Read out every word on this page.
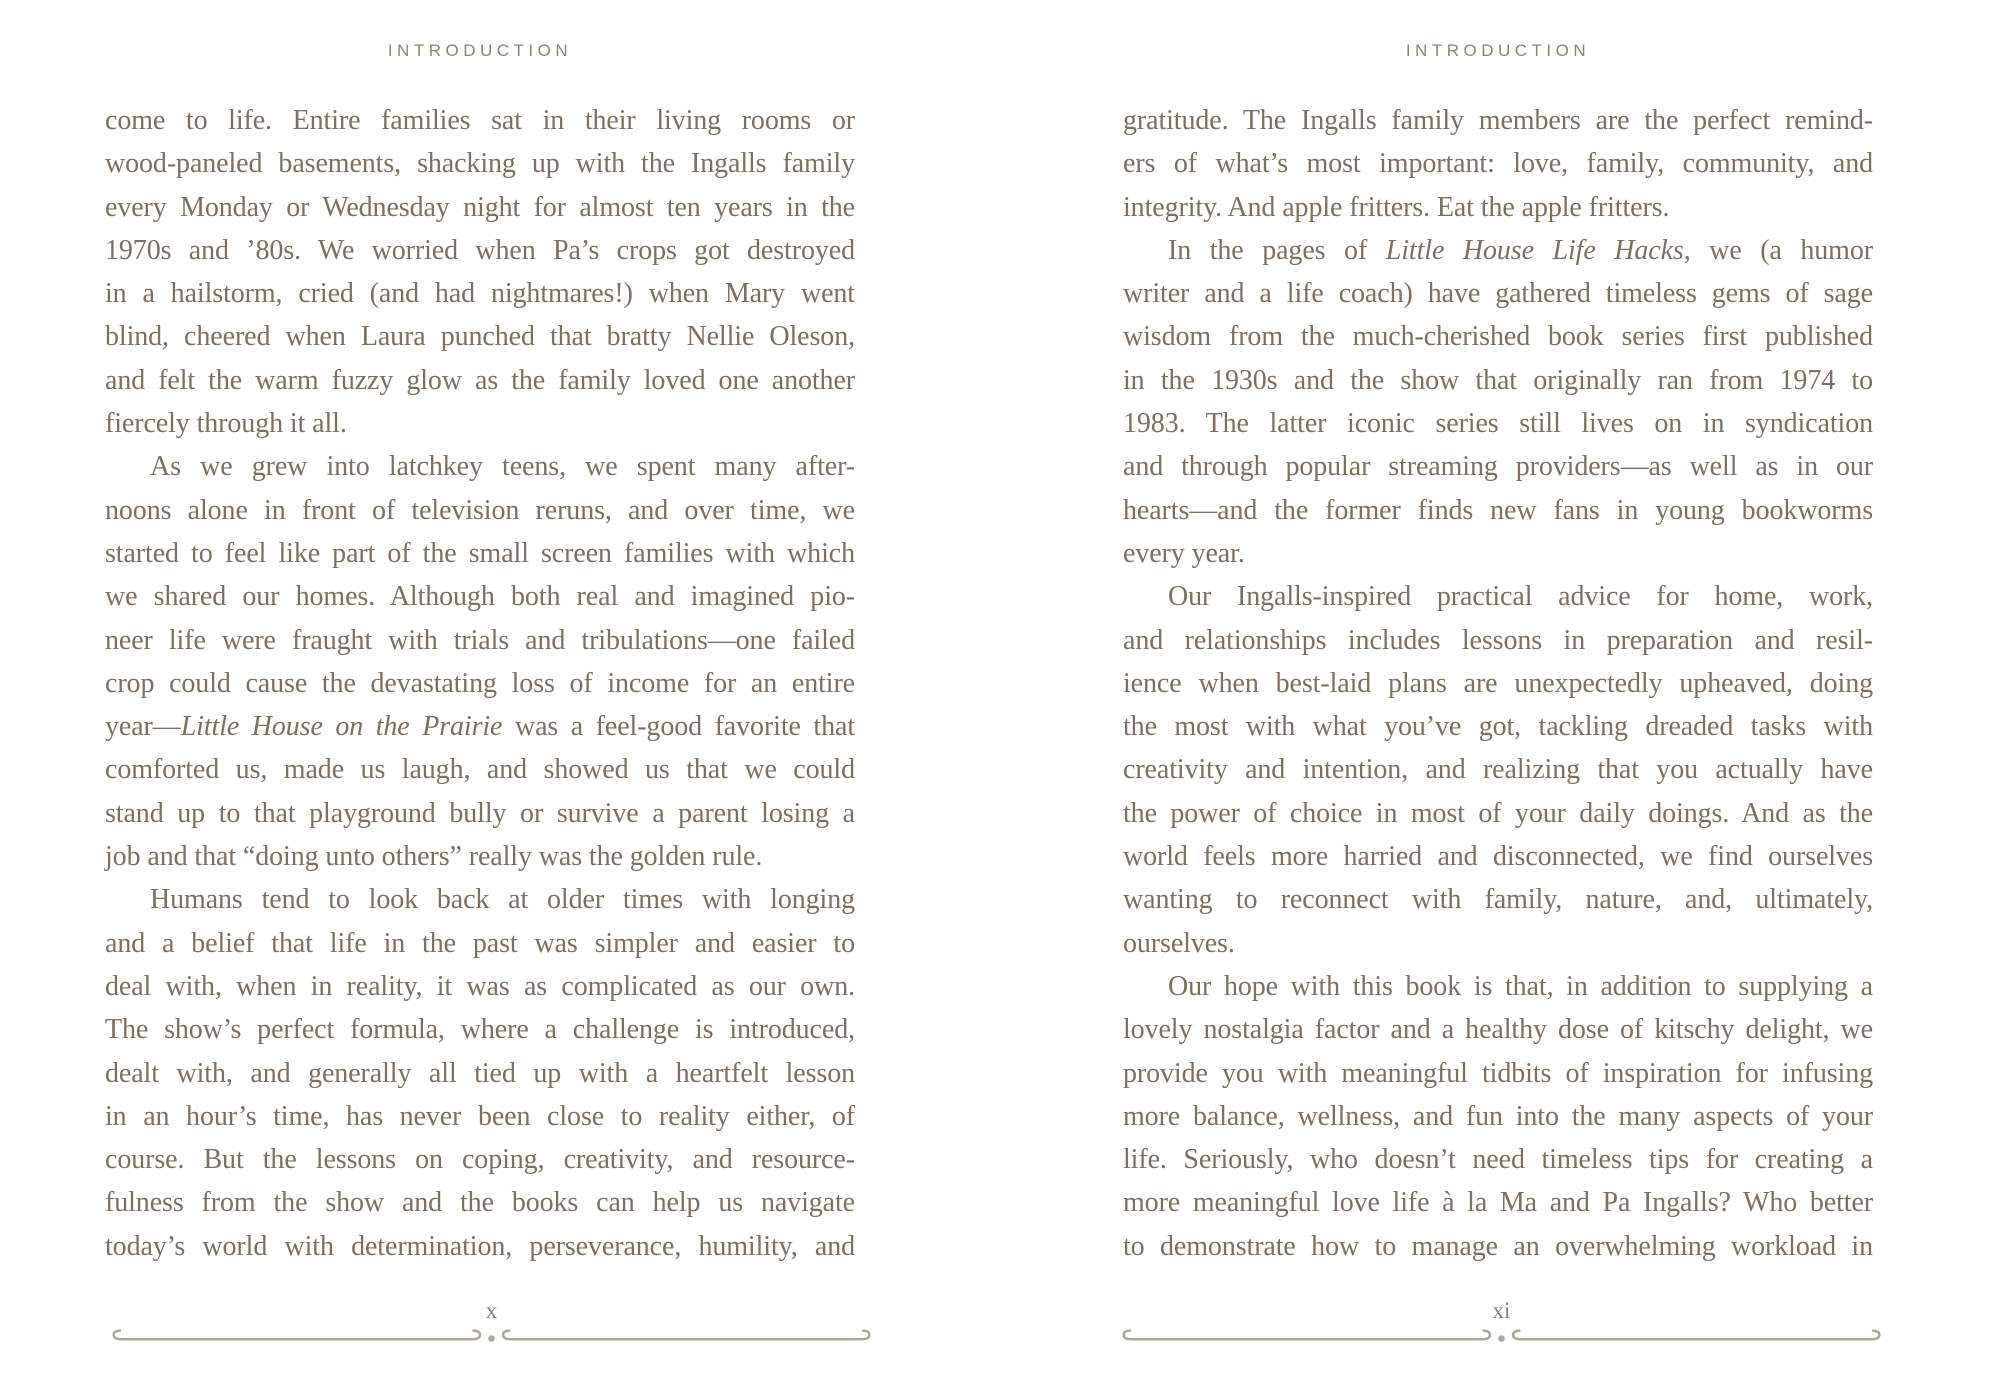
INTRODUCTION
come to life. Entire families sat in their living rooms or
wood-paneled basements, shacking up with the Ingalls family
every Monday or Wednesday night for almost ten years in the
1970s and ’80s. We worried when Pa’s crops got destroyed
in a hailstorm, cried (and had nightmares!) when Mary went
blind, cheered when Laura punched that bratty Nellie Oleson,
and felt the warm fuzzy glow as the family loved one another
fiercely through it all.
As we grew into latchkey teens, we spent many after-
noons alone in front of television reruns, and over time, we
started to feel like part of the small screen families with which
we shared our homes. Although both real and imagined pio-
neer life were fraught with trials and tribulations—one failed
crop could cause the devastating loss of income for an entire
year—Little House on the Prairie was a feel-good favorite that
comforted us, made us laugh, and showed us that we could
stand up to that playground bully or survive a parent losing a
job and that “doing unto others” really was the golden rule.
Humans tend to look back at older times with longing
and a belief that life in the past was simpler and easier to
deal with, when in reality, it was as complicated as our own.
The show’s perfect formula, where a challenge is introduced,
dealt with, and generally all tied up with a heartfelt lesson
in an hour’s time, has never been close to reality either, of
course. But the lessons on coping, creativity, and resource-
fulness from the show and the books can help us navigate
today’s world with determination, perseverance, humility, and
x
INTRODUCTION
gratitude. The Ingalls family members are the perfect remind-
ers of what’s most important: love, family, community, and
integrity. And apple fritters. Eat the apple fritters.
In the pages of Little House Life Hacks, we (a humor
writer and a life coach) have gathered timeless gems of sage
wisdom from the much-cherished book series first published
in the 1930s and the show that originally ran from 1974 to
1983. The latter iconic series still lives on in syndication
and through popular streaming providers—as well as in our
hearts—and the former finds new fans in young bookworms
every year.
Our Ingalls-inspired practical advice for home, work,
and relationships includes lessons in preparation and resil-
ience when best-laid plans are unexpectedly upheaved, doing
the most with what you’ve got, tackling dreaded tasks with
creativity and intention, and realizing that you actually have
the power of choice in most of your daily doings. And as the
world feels more harried and disconnected, we find ourselves
wanting to reconnect with family, nature, and, ultimately,
ourselves.
Our hope with this book is that, in addition to supplying a
lovely nostalgia factor and a healthy dose of kitschy delight, we
provide you with meaningful tidbits of inspiration for infusing
more balance, wellness, and fun into the many aspects of your
life. Seriously, who doesn’t need timeless tips for creating a
more meaningful love life à la Ma and Pa Ingalls? Who better
to demonstrate how to manage an overwhelming workload in
xi
